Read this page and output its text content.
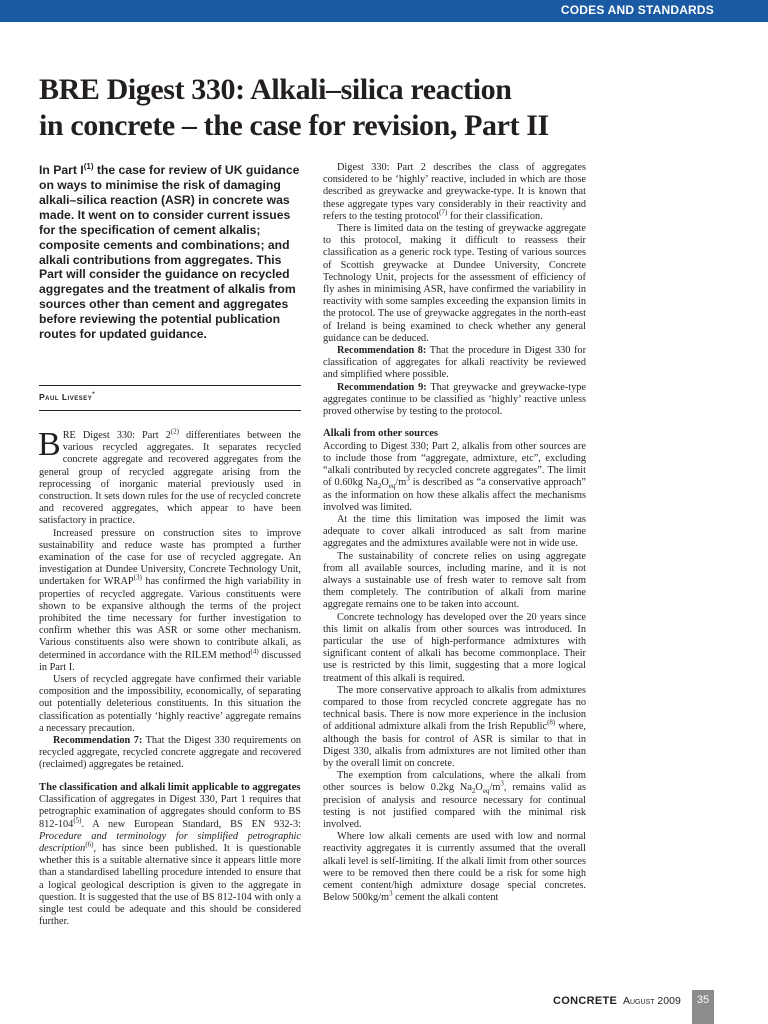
CODES AND STANDARDS
BRE Digest 330: Alkali–silica reaction
in concrete – the case for revision, Part II
In Part $I^{(1)}$ the case for review of UK guidance on ways to minimise the risk of damaging alkali–silica reaction (ASR) in concrete was made. It went on to consider current issues for the specification of cement alkalis; composite cements and combinations; and alkali contributions from aggregates. This Part will consider the guidance on recycled aggregates and the treatment of alkalis from sources other than cement and aggregates before reviewing the potential publication routes for updated guidance.
Paul Livesey*

BRE Digest 330: Part 2$^{(2)}$ differentiates between the various recycled aggregates. It separates recycled concrete aggregate and recovered aggregates from the general group of recycled aggregate arising from the reprocessing of inorganic material previously used in construction. It sets down rules for the use of recycled concrete and recovered aggregates, which appear to have been satisfactory in practice.

Increased pressure on construction sites to improve sustainability and reduce waste has prompted a further examination of the case for use of recycled aggregate. An investigation at Dundee University, Concrete Technology Unit, undertaken for WRAP$^{(3)}$ has confirmed the high variability in properties of recycled aggregate. Various constituents were shown to be expansive although the terms of the project prohibited the time necessary for further investigation to confirm whether this was ASR or some other mechanism. Various constituents also were shown to contribute alkali, as determined in accordance with the RILEM method$^{(4)}$ discussed in Part I.

Users of recycled aggregate have confirmed their variable composition and the impossibility, economically, of separating out potentially deleterious constituents. In this situation the classification as potentially ‘highly reactive’ aggregate remains a necessary precaution.

Recommendation 7: That the Digest 330 requirements on recycled aggregate, recycled concrete aggregate and recovered (reclaimed) aggregates be retained.

The classification and alkali limit applicable to aggregates

Classification of aggregates in Digest 330, Part 1 requires that petrographic examination of aggregates should conform to BS 812-104$^{(5)}$. A new European Standard, BS EN 932-3: Procedure and terminology for simplified petrographic description$^{(6)}$, has since been published. It is questionable whether this is a suitable alternative since it appears little more than a standardised labelling procedure intended to ensure that a logical geological description is given to the aggregate in question. It is suggested that the use of BS 812-104 with only a single test could be adequate and this should be considered further.

Digest 330: Part 2 describes the class of aggregates considered to be ‘highly’ reactive, included in which are those described as greywacke and greywacke-type. It is known that these aggregate types vary considerably in their reactivity and refers to the testing protocol$^{(7)}$ for their classification.

There is limited data on the testing of greywacke aggregate to this protocol, making it difficult to reassess their classification as a generic rock type. Testing of various sources of Scottish greywacke at Dundee University, Concrete Technology Unit, projects for the assessment of efficiency of fly ashes in minimising ASR, have confirmed the variability in reactivity with some samples exceeding the expansion limits in the protocol. The use of greywacke aggregates in the north-east of Ireland is being examined to check whether any general guidance can be deduced.

Recommendation 8: That the procedure in Digest 330 for classification of aggregates for alkali reactivity be reviewed and simplified where possible.

Recommendation 9: That greywacke and greywacke-type aggregates continue to be classified as ‘highly’ reactive unless proved otherwise by testing to the protocol.

Alkali from other sources

According to Digest 330; Part 2, alkalis from other sources are to include those from “aggregate, admixture, etc”, excluding “alkali contributed by recycled concrete aggregates”. The limit of 0.60kg $Na_2O_{eq}/m^3$ is described as “a conservative approach” as the information on how these alkalis affect the mechanisms involved was limited.

At the time this limitation was imposed the limit was adequate to cover alkali introduced as salt from marine aggregates and the admixtures available were not in wide use.

The sustainability of concrete relies on using aggregate from all available sources, including marine, and it is not always a sustainable use of fresh water to remove salt from them completely. The contribution of alkali from marine aggregate remains one to be taken into account.

Concrete technology has developed over the 20 years since this limit on alkalis from other sources was introduced. In particular the use of high-performance admixtures with significant content of alkali has become commonplace. Their use is restricted by this limit, suggesting that a more logical treatment of this alkali is required.

The more conservative approach to alkalis from admixtures compared to those from recycled concrete aggregate has no technical basis. There is now more experience in the inclusion of additional admixture alkali from the Irish Republic$^{(8)}$ where, although the basis for control of ASR is similar to that in Digest 330, alkalis from admixtures are not limited other than by the overall limit on concrete.

The exemption from calculations, where the alkali from other sources is below 0.2kg $Na_2O_{eq}/m^3$, remains valid as precision of analysis and resource necessary for continual testing is not justified compared with the minimal risk involved.

Where low alkali cements are used with low and normal reactivity aggregates it is currently assumed that the overall alkali level is self-limiting. If the alkali limit from other sources were to be removed then there could be a risk for some high cement content/high admixture dosage special concretes. Below $500kg/m^3$ cement the alkali content

CONCRETE August 2009	35
